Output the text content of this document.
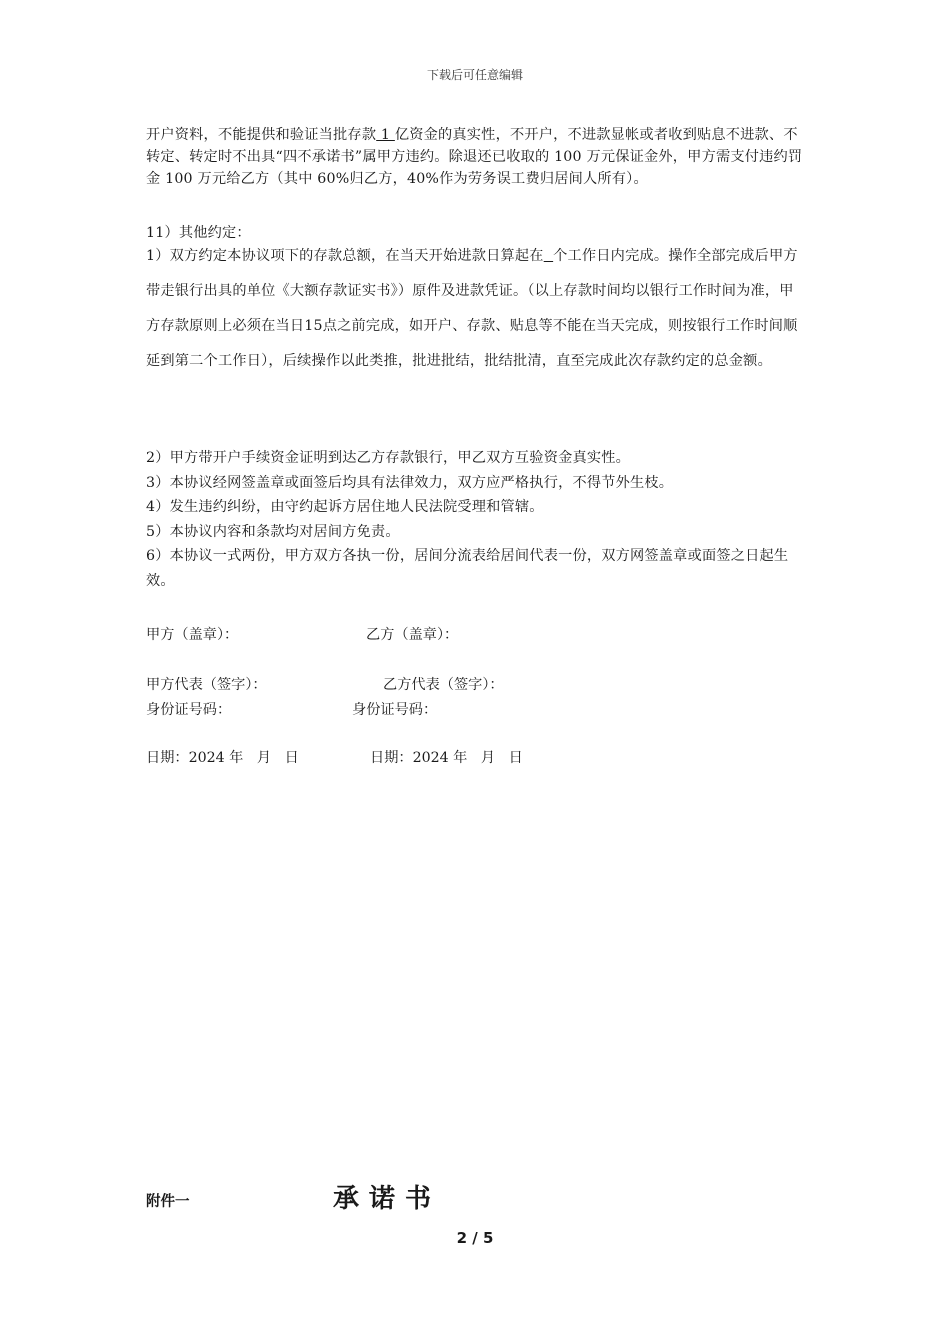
下载后可任意编辑

开户资料，不能提供和验证当批存款 1 亿资金的真实性，不开户，不进款显帐或者收到贴息不进款、不转定、转定时不出具“四不承诺书”属甲方违约。除退还已收取的 100 万元保证金外，甲方需支付违约罚金 100 万元给乙方（其中 60%归乙方，40%作为劳务误工费归居间人所有）。

11）其他约定：

1）双方约定本协议项下的存款总额，在当天开始进款日算起在 个工作日内完成。操作全部完成后甲方带走银行出具的单位《大额存款证实书》）原件及进款凭证。（以上存款时间均以银行工作时间为准，甲方存款原则上必须在当日15点之前完成，如开户、存款、贴息等不能在当天完成，则按银行工作时间顺延到第二个工作日），后续操作以此类推，批进批结，批结批清，直至完成此次存款约定的总金额。

2）甲方带开户手续资金证明到达乙方存款银行，甲乙双方互验资金真实性。

3）本协议经网签盖章或面签后均具有法律效力，双方应严格执行，不得节外生枝。

4）发生违约纠纷，由守约起诉方居住地人民法院受理和管辖。

5）本协议内容和条款均对居间方免责。

6）本协议一式两份，甲方双方各执一份，居间分流表给居间代表一份，双方网签盖章或面签之日起生效。

甲方（盖章）：	乙方（盖章）：
甲方代表（签字）：	乙方代表（签字）：
身份证号码：	身份证号码：
日期：2024 年   月   日	日期：2024 年   月   日
附件一	承诺书
2 / 5
